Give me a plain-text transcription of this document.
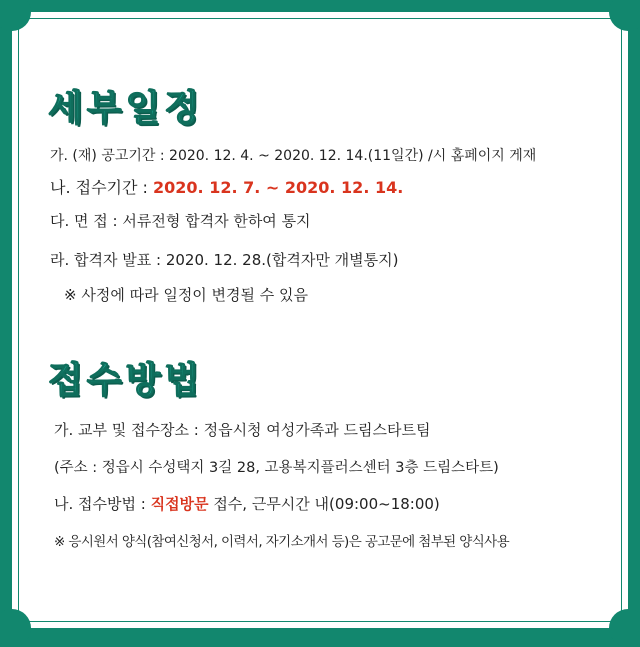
세부일정
가. (재) 공고기간 : 2020. 12. 4. ~ 2020. 12. 14.(11일간) /시 홈페이지 게재
나. 접수기간 : 2020. 12. 7. ~ 2020. 12. 14.
다. 면 접 : 서류전형 합격자 한하여 통지
라. 합격자 발표 : 2020. 12. 28.(합격자만 개별통지)
※ 사정에 따라 일정이 변경될 수 있음
접수방법
가. 교부 및 접수장소 : 정읍시청 여성가족과 드림스타트팀
(주소 : 정읍시 수성택지 3길 28, 고용복지플러스센터 3층 드림스타트)
나. 접수방법 : 직접방문 접수, 근무시간 내(09:00~18:00)
※ 응시원서 양식(참여신청서, 이력서, 자기소개서 등)은 공고문에 첨부된 양식사용
